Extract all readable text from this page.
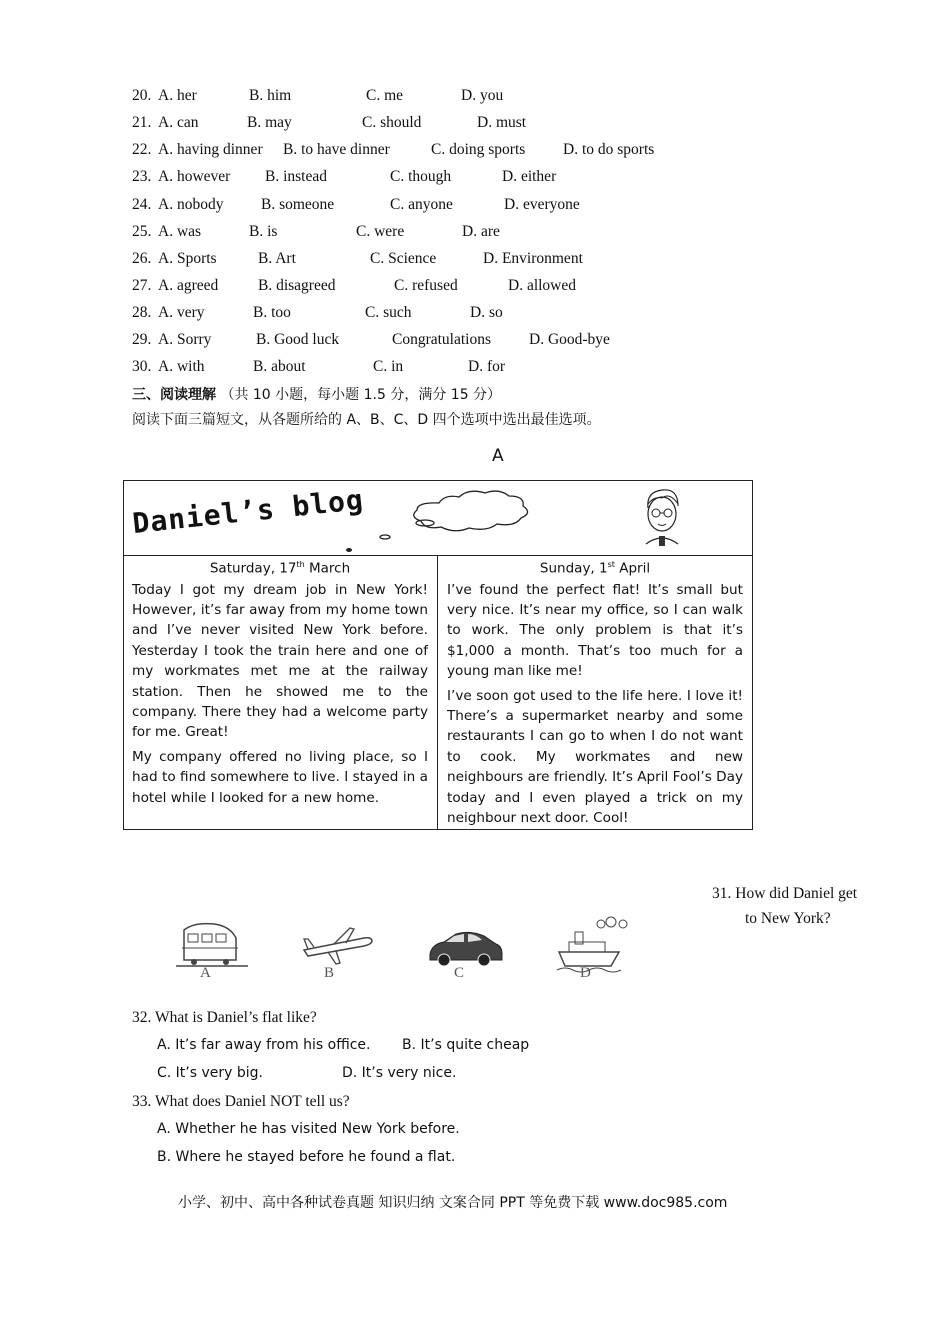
20. A. her	B. him	C. me	D. you
21. A. can	B. may	C. should	D. must
22. A. having dinner B. to have dinner	C. doing sports D. to do sports
23. A. however B. instead	C. though	D. either
24. A. nobody B. someone	C. anyone	D. everyone
25. A. was	B. is	C. were	D. are
26. A. Sports	B. Art	C. Science	D. Environment
27. A. agreed	B. disagreed	C. refused	D. allowed
28. A. very	B. too	C. such	D. so
29. A. Sorry	B. Good luck	Congratulations D. Good-bye
30. A. with	B. about	C. in	D. for
三、阅读理解 （共 10 小题，每小题 1.5 分，满分 15 分）
阅读下面三篇短文，从各题所给的 A、B、C、D 四个选项中选出最佳选项。
A
Daniel’s blog
Saturday, 17th March

Today I got my dream job in New York! However, it’s far away from my home town and I’ve never visited New York before. Yesterday I took the train here and one of my workmates met me at the railway station. Then he showed me to the company. There they had a welcome party for me. Great!

My company offered no living place, so I had to find somewhere to live. I stayed in a hotel while I looked for a new home.

Sunday, 1st April

I’ve found the perfect flat! It’s small but very nice. It’s near my office, so I can walk to work. The only problem is that it’s $1,000 a month. That’s too much for a young man like me!

I’ve soon got used to the life here. I love it! There’s a supermarket nearby and some restaurants I can go to when I do not want to cook. My workmates and new neighbours are friendly. It’s April Fool’s Day today and I even played a trick on my neighbour next door. Cool!

31. How did Daniel get
to New York?
A	B	C	D
32. What is Daniel’s flat like?
A. It’s far away from his office. B. It’s quite cheap
C. It’s very big.	D. It’s very nice.
33. What does Daniel NOT tell us?
A. Whether he has visited New York before.
B. Where he stayed before he found a flat.
小学、初中、高中各种试卷真题 知识归纳 文案合同 PPT 等免费下载 www.doc985.com
